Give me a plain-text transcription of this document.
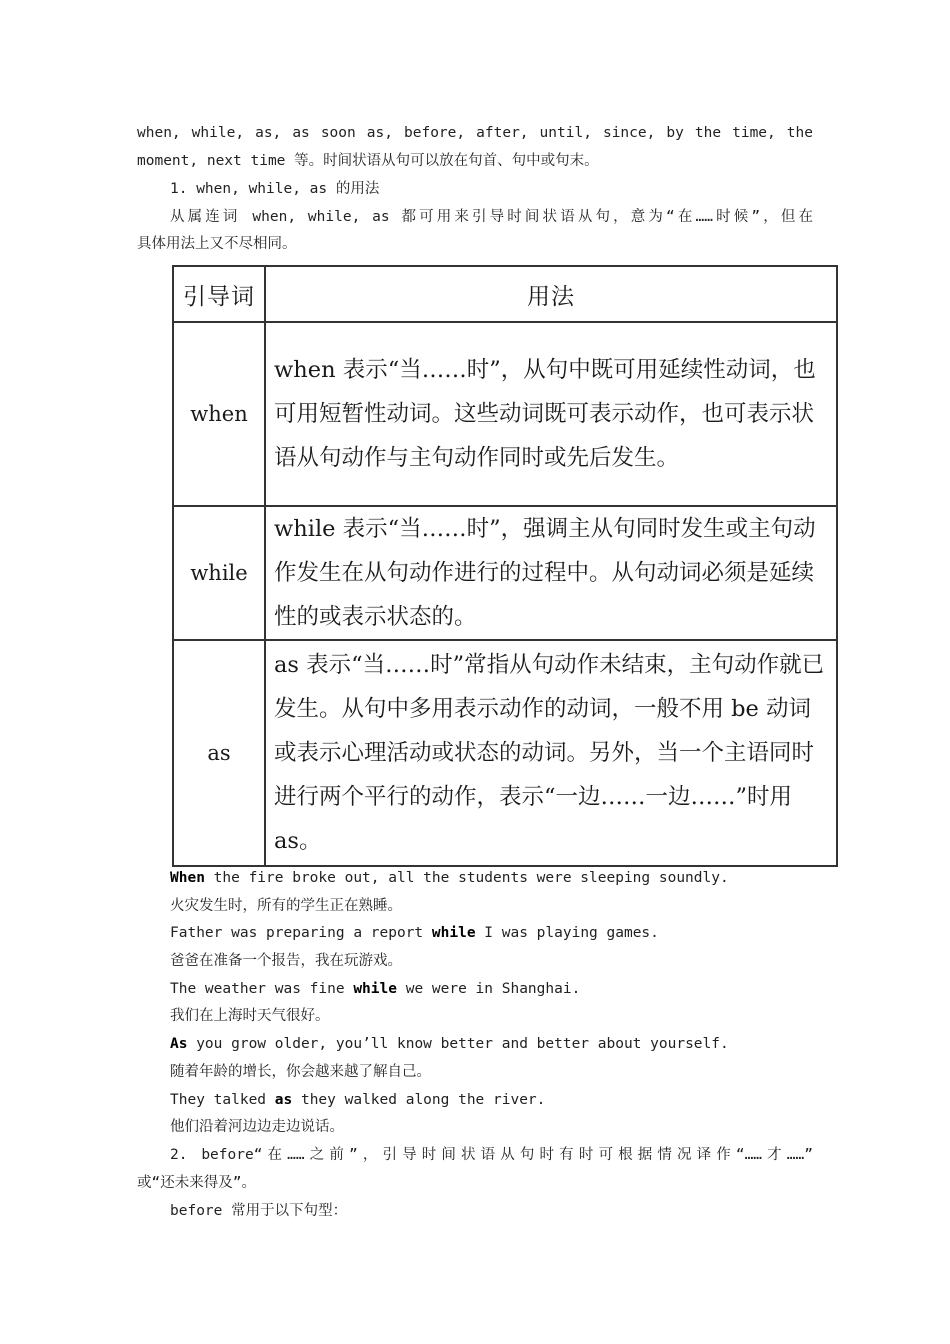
when, while, as, as soon as, before, after, until, since, by the time, the
moment, next time 等。时间状语从句可以放在句首、句中或句末。
1. when, while, as 的用法
从属连词 when, while, as 都可用来引导时间状语从句，意为“在……时候”，但在
具体用法上又不尽相同。
引导词	用法
when	when 表示“当……时”，从句中既可用延续性动词，也可用短暂性动词。这些动词既可表示动作，也可表示状语从句动作与主句动作同时或先后发生。
while	while 表示“当……时”，强调主从句同时发生或主句动作发生在从句动作进行的过程中。从句动词必须是延续性的或表示状态的。
as	as 表示“当……时”常指从句动作未结束，主句动作就已发生。从句中多用表示动作的动词，一般不用 be 动词或表示心理活动或状态的动词。另外，当一个主语同时进行两个平行的动作，表示“一边……一边……”时用 as。
When the fire broke out, all the students were sleeping soundly.
火灾发生时，所有的学生正在熟睡。
Father was preparing a report while I was playing games.
爸爸在准备一个报告，我在玩游戏。
The weather was fine while we were in Shanghai.
我们在上海时天气很好。
As you grow older, you’ll know better and better about yourself.
随着年龄的增长，你会越来越了解自己。
They talked as they walked along the river.
他们沿着河边边走边说话。
2. before“在……之前”，引导时间状语从句时有时可根据情况译作“……才……”
或“还未来得及”。
before 常用于以下句型：
